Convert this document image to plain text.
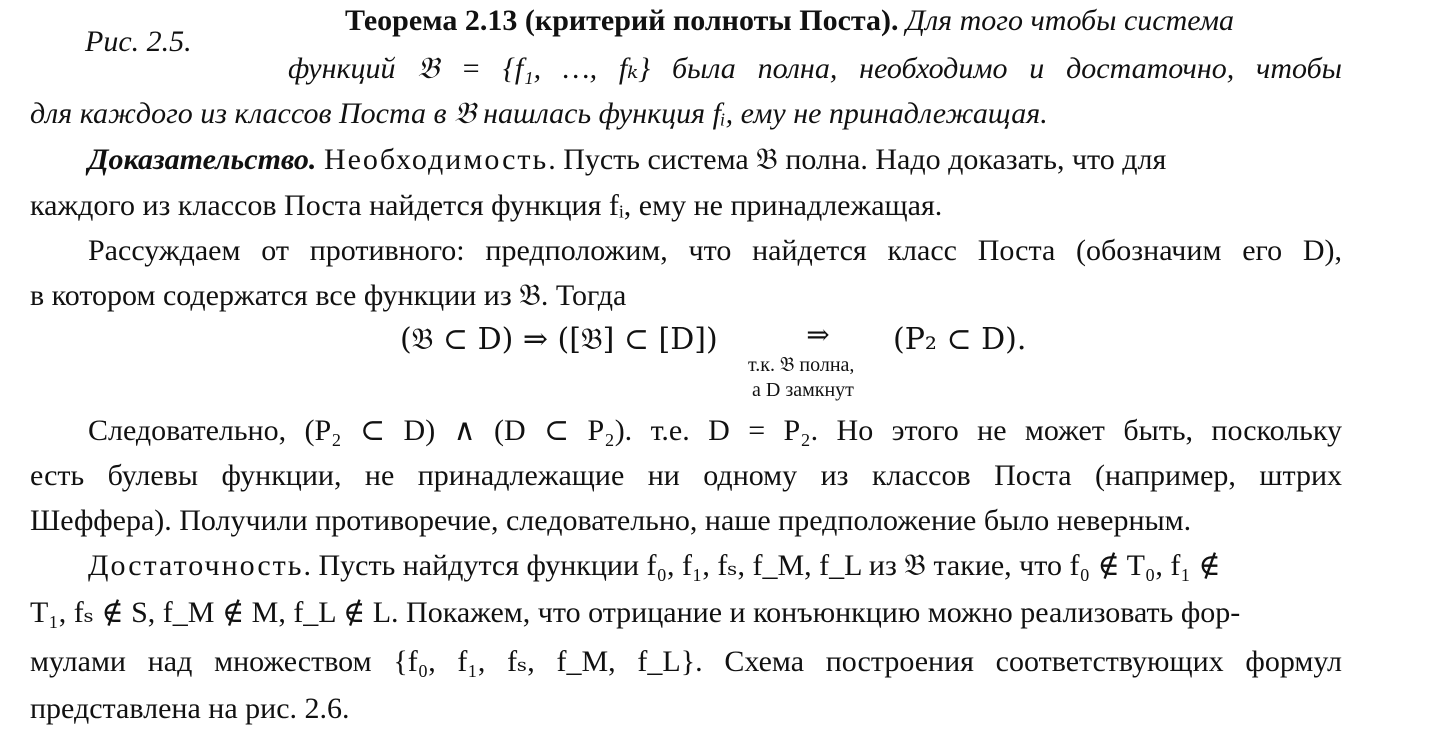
Рис. 2.5.
Теорема 2.13 (критерий полноты Поста). Для того чтобы система
функций 𝔅 = {f₁, …, fₖ} была полна, необходимо и достаточно, чтобы
для каждого из классов Поста в 𝔅 нашлась функция fᵢ, ему не принадлежащая.
Доказательство. Необходимость. Пусть система 𝔅 полна. Надо доказать, что для
каждого из классов Поста найдется функция fᵢ, ему не принадлежащая.
Рассуждаем от противного: предположим, что найдется класс Поста (обозначим его D),
в котором содержатся все функции из 𝔅. Тогда
(𝔅 ⊂ D) ⇒ ([𝔅] ⊂ [D])	⇒
т.к. 𝔅 полна,
а D замкнут
(P₂ ⊂ D).
Следовательно, (P₂ ⊂ D) ∧ (D ⊂ P₂). т.е. D = P₂. Но этого не может быть, поскольку
есть булевы функции, не принадлежащие ни одному из классов Поста (например, штрих
Шеффера). Получили противоречие, следовательно, наше предположение было неверным.
Достаточность. Пусть найдутся функции f₀, f₁, fₛ, f_M, f_L из 𝔅 такие, что f₀ ∉ T₀, f₁ ∉
T₁, fₛ ∉ S, f_M ∉ M, f_L ∉ L. Покажем, что отрицание и конъюнкцию можно реализовать фор-
мулами над множеством {f₀, f₁, fₛ, f_M, f_L}. Схема построения соответствующих формул
представлена на рис. 2.6.
